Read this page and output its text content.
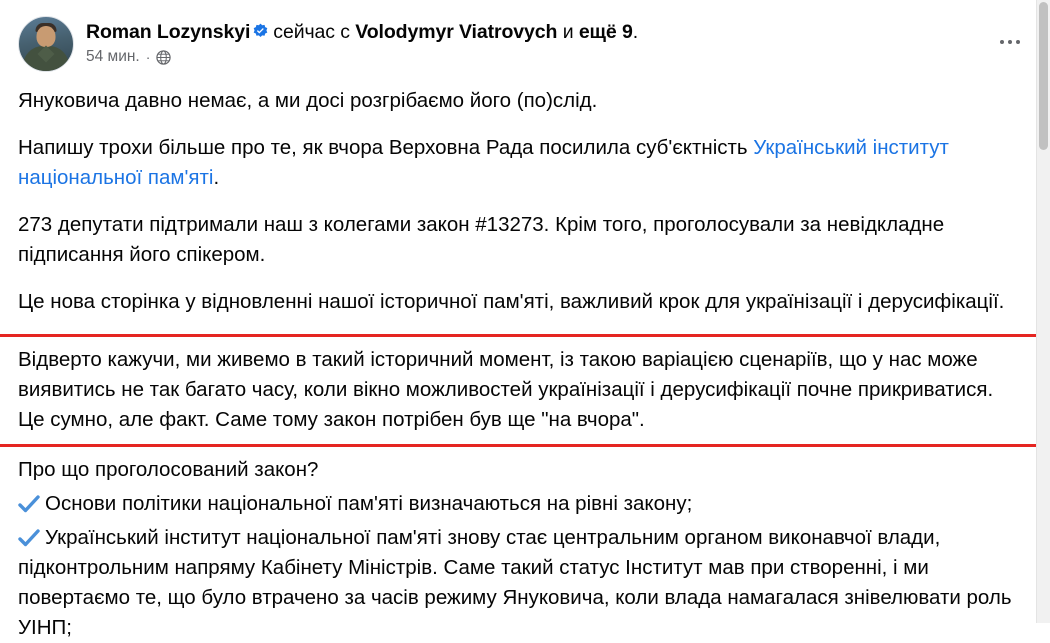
Roman Lozynskyi сейчас с Volodymyr Viatrovych и ещё 9.
54 мин. ·

Януковича давно немає, а ми досі розгрібаємо його (по)слід.

Напишу трохи більше про те, як вчора Верховна Рада посилила суб'єктність Український інститут національної пам'яті.

273 депутати підтримали наш з колегами закон #13273. Крім того, проголосували за невідкладне підписання його спікером.

Це нова сторінка у відновленні нашої історичної пам'яті, важливий крок для українізації і дерусифікації.

Відверто кажучи, ми живемо в такий історичний момент, із такою варіацією сценаріїв, що у нас може виявитись не так багато часу, коли вікно можливостей українізації і дерусифікації почне прикриватися. Це сумно, але факт. Саме тому закон потрібен був ще "на вчора".

Про що проголосований закон?

Основи політики національної пам'яті визначаються на рівні закону;
Український інститут національної пам'яті знову стає центральним органом виконавчої влади, підконтрольним напряму Кабінету Міністрів. Саме такий статус Інститут мав при створенні, і ми повертаємо те, що було втрачено за часів режиму Януковича, коли влада намагалася знівелювати роль УІНП;
